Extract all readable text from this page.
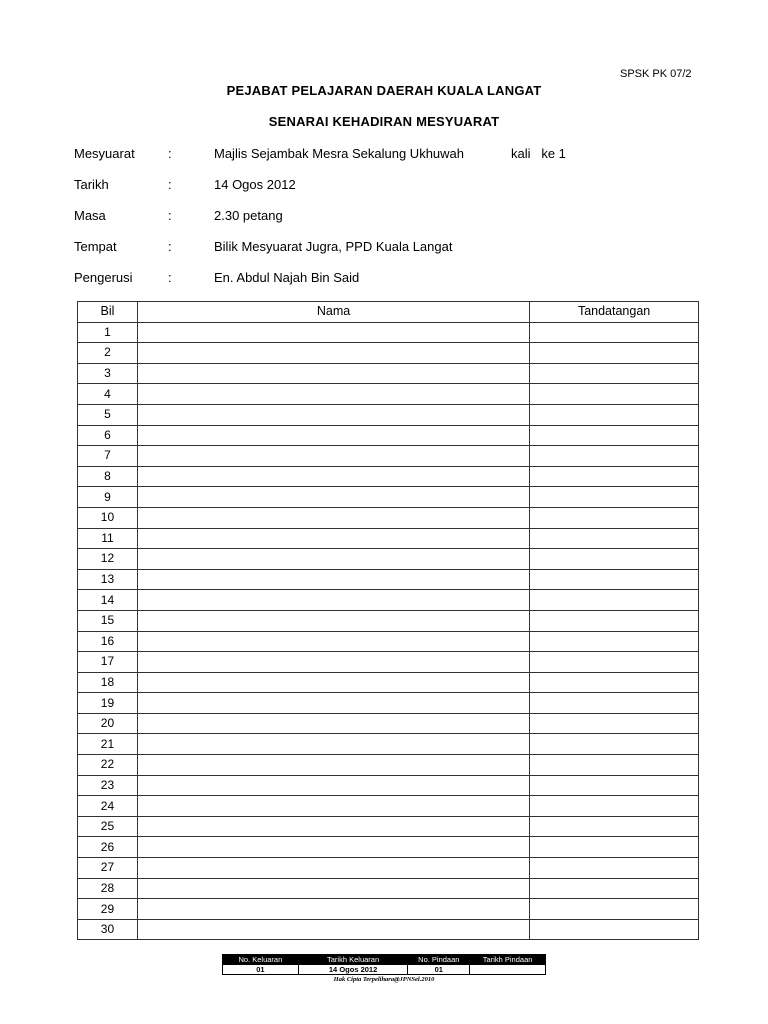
SPSK PK 07/2
PEJABAT PELAJARAN DAERAH KUALA LANGAT
SENARAI KEHADIRAN MESYUARAT
Mesyuarat	:	Majlis Sejambak Mesra Sekalung Ukhuwah	kali   ke 1
Tarikh	:	14 Ogos 2012
Masa	:	2.30 petang
Tempat	:	Bilik Mesyuarat Jugra, PPD Kuala Langat
Pengerusi	:	En. Abdul Najah Bin Said
Bil	Nama	Tandatangan
1		
2		
3		
4		
5		
6		
7		
8		
9		
10		
11		
12		
13		
14		
15		
16		
17		
18		
19		
20		
21		
22		
23		
24		
25		
26		
27		
28		
29		
30		
No. Keluaran	Tarikh Keluaran	No. Pindaan	Tarikh Pindaan
01	14 Ogos 2012	01	
Hak Cipta Terpelihara@JPNSel.2010
